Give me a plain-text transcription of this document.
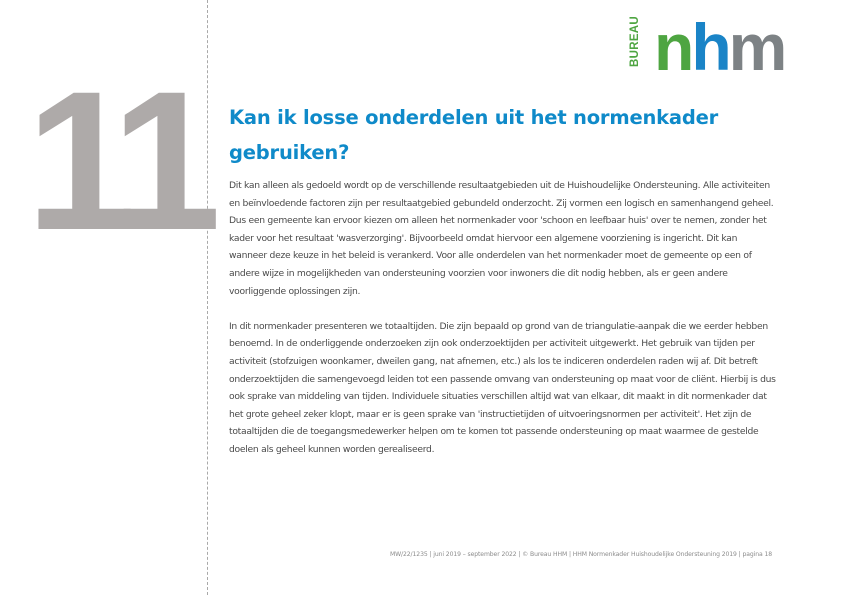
11
BUREAU nhm
Kan ik losse onderdelen uit het normenkader gebruiken?

Dit kan alleen als gedoeld wordt op de verschillende resultaatgebieden uit de Huishoudelijke Ondersteuning. Alle activiteiten en beïnvloedende factoren zijn per resultaatgebied gebundeld onderzocht. Zij vormen een logisch en samenhangend geheel. Dus een gemeente kan ervoor kiezen om alleen het normenkader voor 'schoon en leefbaar huis' over te nemen, zonder het kader voor het resultaat 'wasverzorging'. Bijvoorbeeld omdat hiervoor een algemene voorziening is ingericht. Dit kan wanneer deze keuze in het beleid is verankerd. Voor alle onderdelen van het normenkader moet de gemeente op een of andere wijze in mogelijkheden van ondersteuning voorzien voor inwoners die dit nodig hebben, als er geen andere voorliggende oplossingen zijn.

In dit normenkader presenteren we totaaltijden. Die zijn bepaald op grond van de triangulatie-aanpak die we eerder hebben benoemd. In de onderliggende onderzoeken zijn ook onderzoektijden per activiteit uitgewerkt. Het gebruik van tijden per activiteit (stofzuigen woonkamer, dweilen gang, nat afnemen, etc.) als los te indiceren onderdelen raden wij af. Dit betreft onderzoektijden die samengevoegd leiden tot een passende omvang van ondersteuning op maat voor de cliënt. Hierbij is dus ook sprake van middeling van tijden. Individuele situaties verschillen altijd wat van elkaar, dit maakt in dit normenkader dat het grote geheel zeker klopt, maar er is geen sprake van 'instructietijden of uitvoeringsnormen per activiteit'. Het zijn de totaaltijden die de toegangsmedewerker helpen om te komen tot passende ondersteuning op maat waarmee de gestelde doelen als geheel kunnen worden gerealiseerd.

MW/22/1235 | juni 2019 – september 2022 | © Bureau HHM | HHM Normenkader Huishoudelijke Ondersteuning 2019 | pagina 18
